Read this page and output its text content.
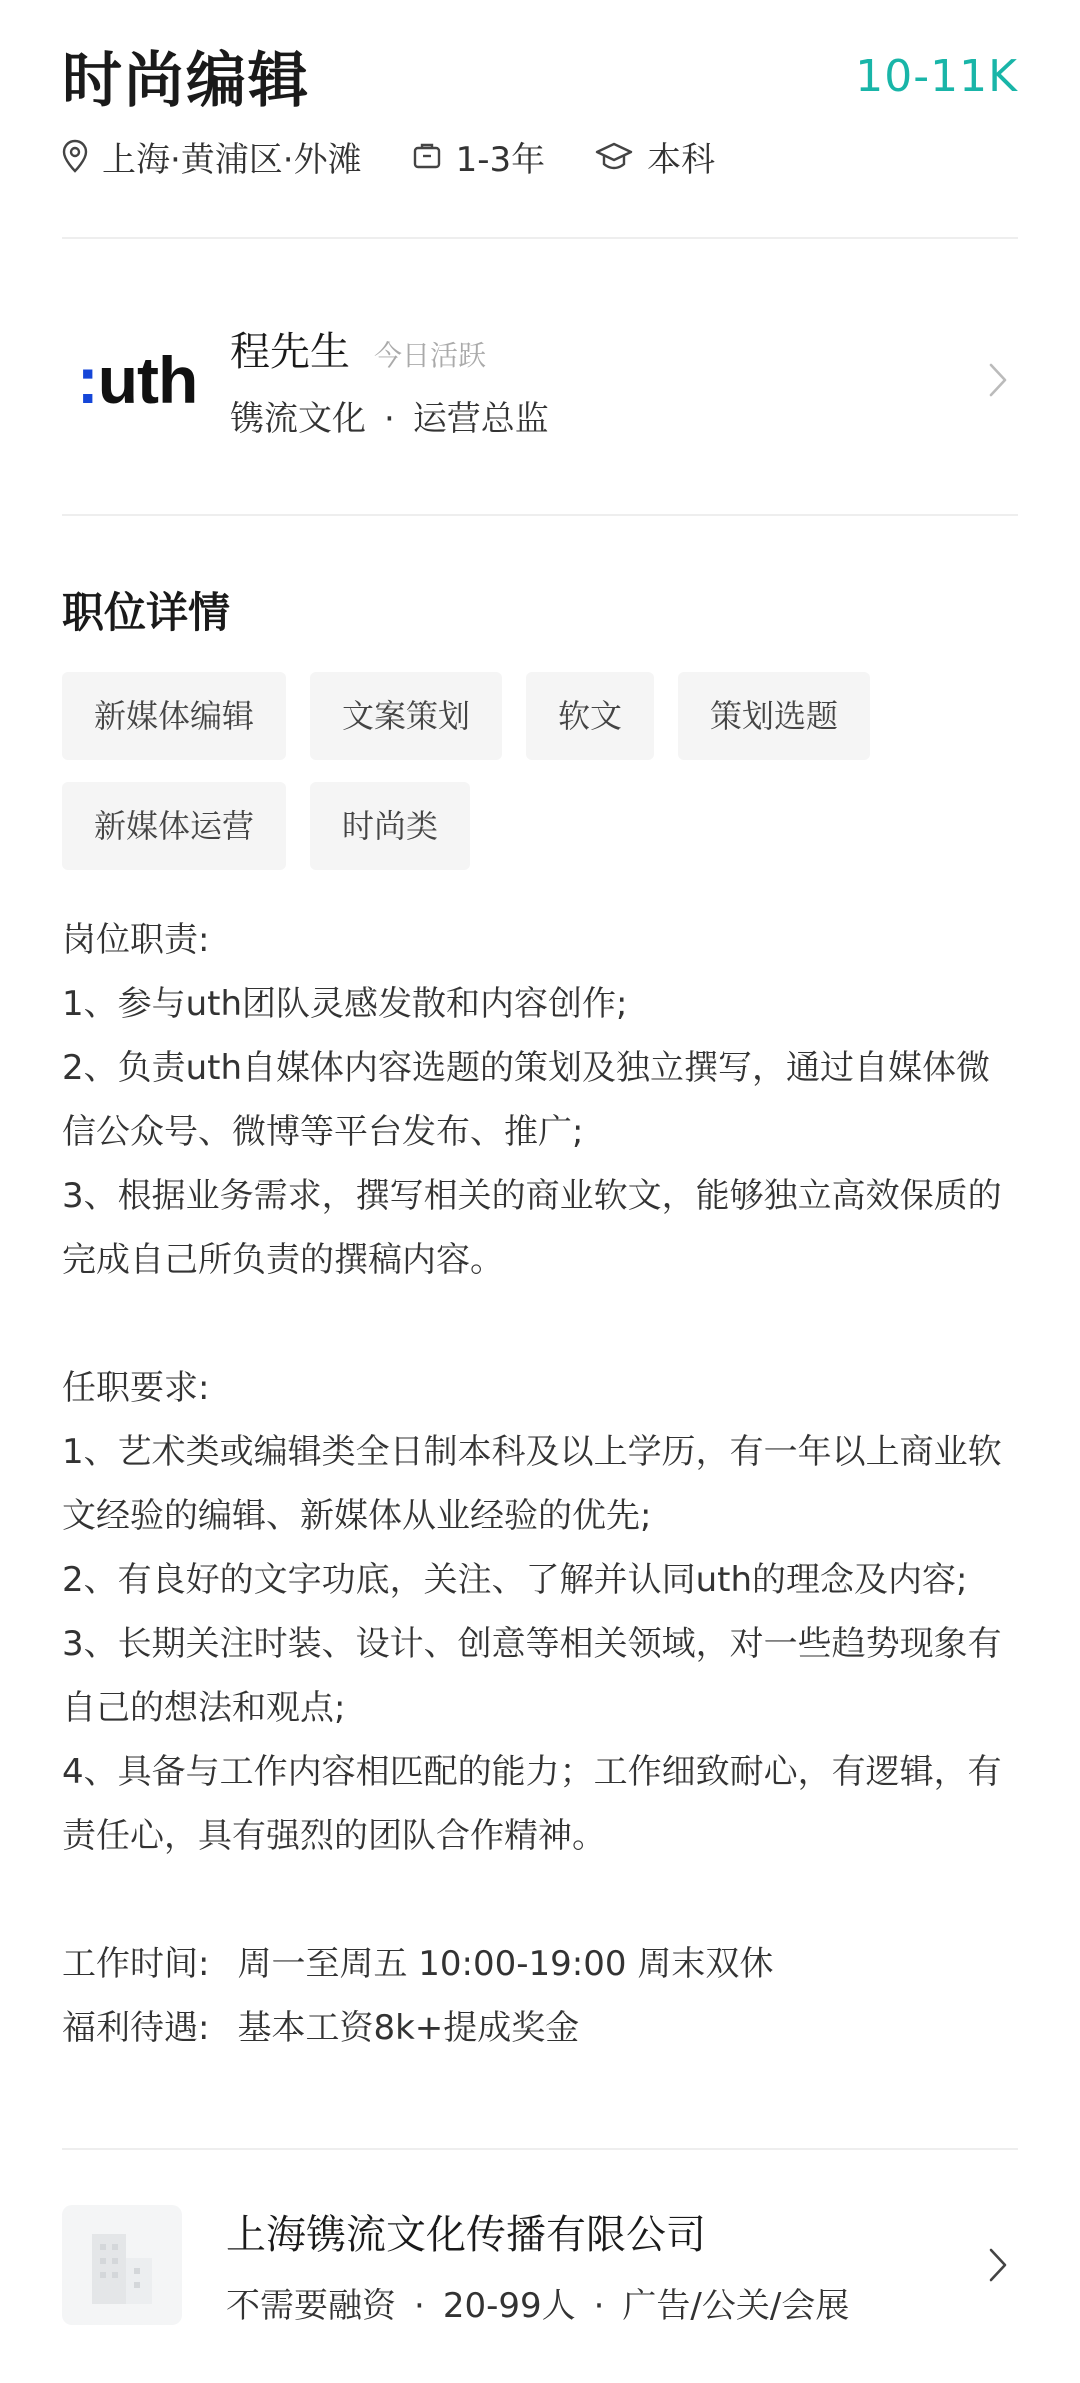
时尚编辑	10-11K
上海·黄浦区·外滩	1-3年	本科
:uth 程先生 今日活跃
镌流文化 · 运营总监
职位详情
新媒体编辑	文案策划	软文	策划选题
新媒体运营	时尚类

岗位职责:

1、参与uth团队灵感发散和内容创作;

2、负责uth自媒体内容选题的策划及独立撰写，通过自媒体微信公众号、微博等平台发布、推广;

3、根据业务需求，撰写相关的商业软文，能够独立高效保质的完成自己所负责的撰稿内容。

任职要求:

1、艺术类或编辑类全日制本科及以上学历，有一年以上商业软文经验的编辑、新媒体从业经验的优先;

2、有良好的文字功底，关注、了解并认同uth的理念及内容;

3、长期关注时装、设计、创意等相关领域，对一些趋势现象有自己的想法和观点;

4、具备与工作内容相匹配的能力；工作细致耐心，有逻辑，有责任心，具有强烈的团队合作精神。

工作时间: 周一至周五 10:00-19:00 周末双休
福利待遇: 基本工资8k+提成奖金
上海镌流文化传播有限公司
不需要融资 · 20-99人 · 广告/公关/会展
